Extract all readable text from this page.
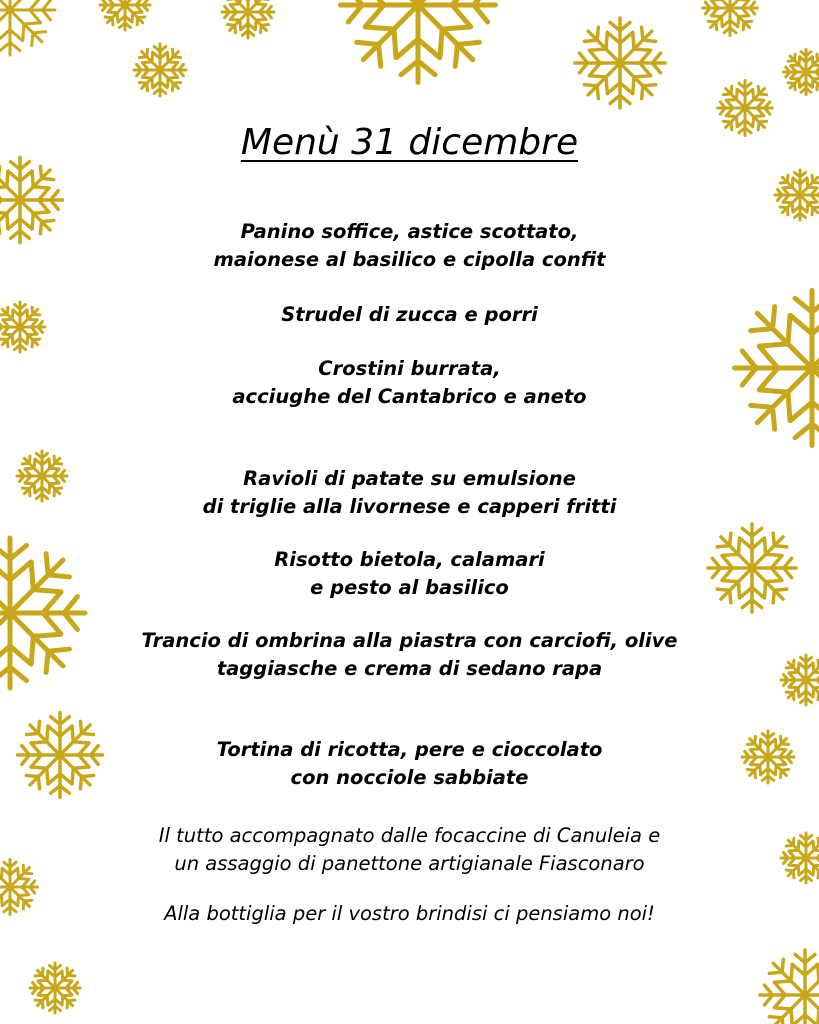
Menù 31 dicembre
Panino soffice, astice scottato,
maionese al basilico e cipolla confit
Strudel di zucca e porri
Crostini burrata,
acciughe del Cantabrico e aneto
Ravioli di patate su emulsione
di triglie alla livornese e capperi fritti
Risotto bietola, calamari
e pesto al basilico
Trancio di ombrina alla piastra con carciofi, olive
taggiasche e crema di sedano rapa
Tortina di ricotta, pere e cioccolato
con nocciole sabbiate
Il tutto accompagnato dalle focaccine di Canuleia e
un assaggio di panettone artigianale Fiasconaro
Alla bottiglia per il vostro brindisi ci pensiamo noi!
